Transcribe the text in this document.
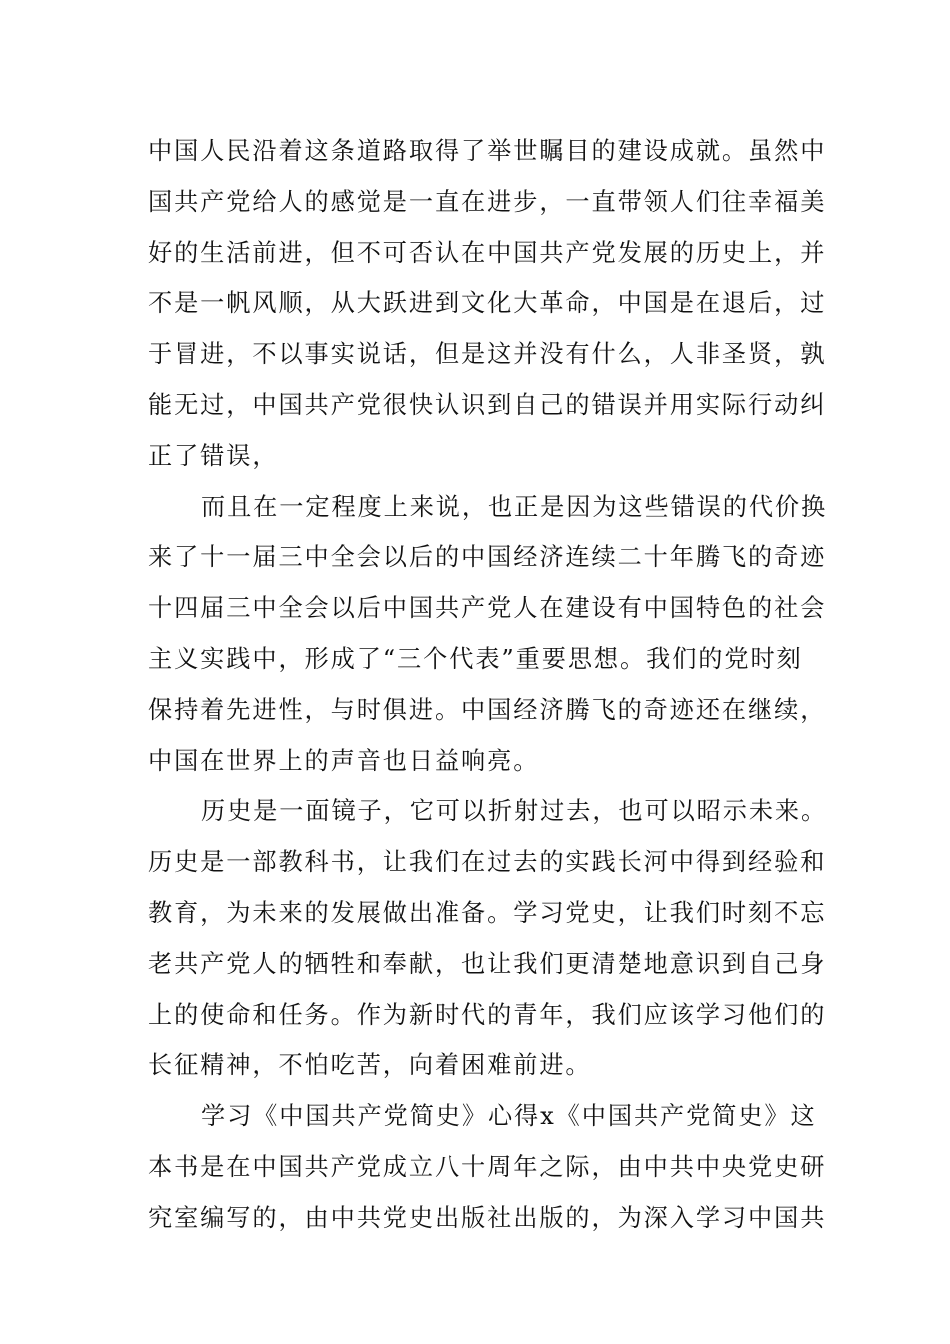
中国人民沿着这条道路取得了举世瞩目的建设成就。虽然中
国共产党给人的感觉是一直在进步，一直带领人们往幸福美
好的生活前进，但不可否认在中国共产党发展的历史上，并
不是一帆风顺，从大跃进到文化大革命，中国是在退后，过
于冒进，不以事实说话，但是这并没有什么，人非圣贤，孰
能无过，中国共产党很快认识到自己的错误并用实际行动纠
正了错误，
而且在一定程度上来说，也正是因为这些错误的代价换
来了十一届三中全会以后的中国经济连续二十年腾飞的奇迹
十四届三中全会以后中国共产党人在建设有中国特色的社会
主义实践中，形成了“三个代表”重要思想。我们的党时刻
保持着先进性，与时俱进。中国经济腾飞的奇迹还在继续，
中国在世界上的声音也日益响亮。
历史是一面镜子，它可以折射过去，也可以昭示未来。
历史是一部教科书，让我们在过去的实践长河中得到经验和
教育，为未来的发展做出准备。学习党史，让我们时刻不忘
老共产党人的牺牲和奉献，也让我们更清楚地意识到自己身
上的使命和任务。作为新时代的青年，我们应该学习他们的
长征精神，不怕吃苦，向着困难前进。
学习《中国共产党简史》心得x《中国共产党简史》这
本书是在中国共产党成立八十周年之际，由中共中央党史研
究室编写的，由中共党史出版社出版的，为深入学习中国共
